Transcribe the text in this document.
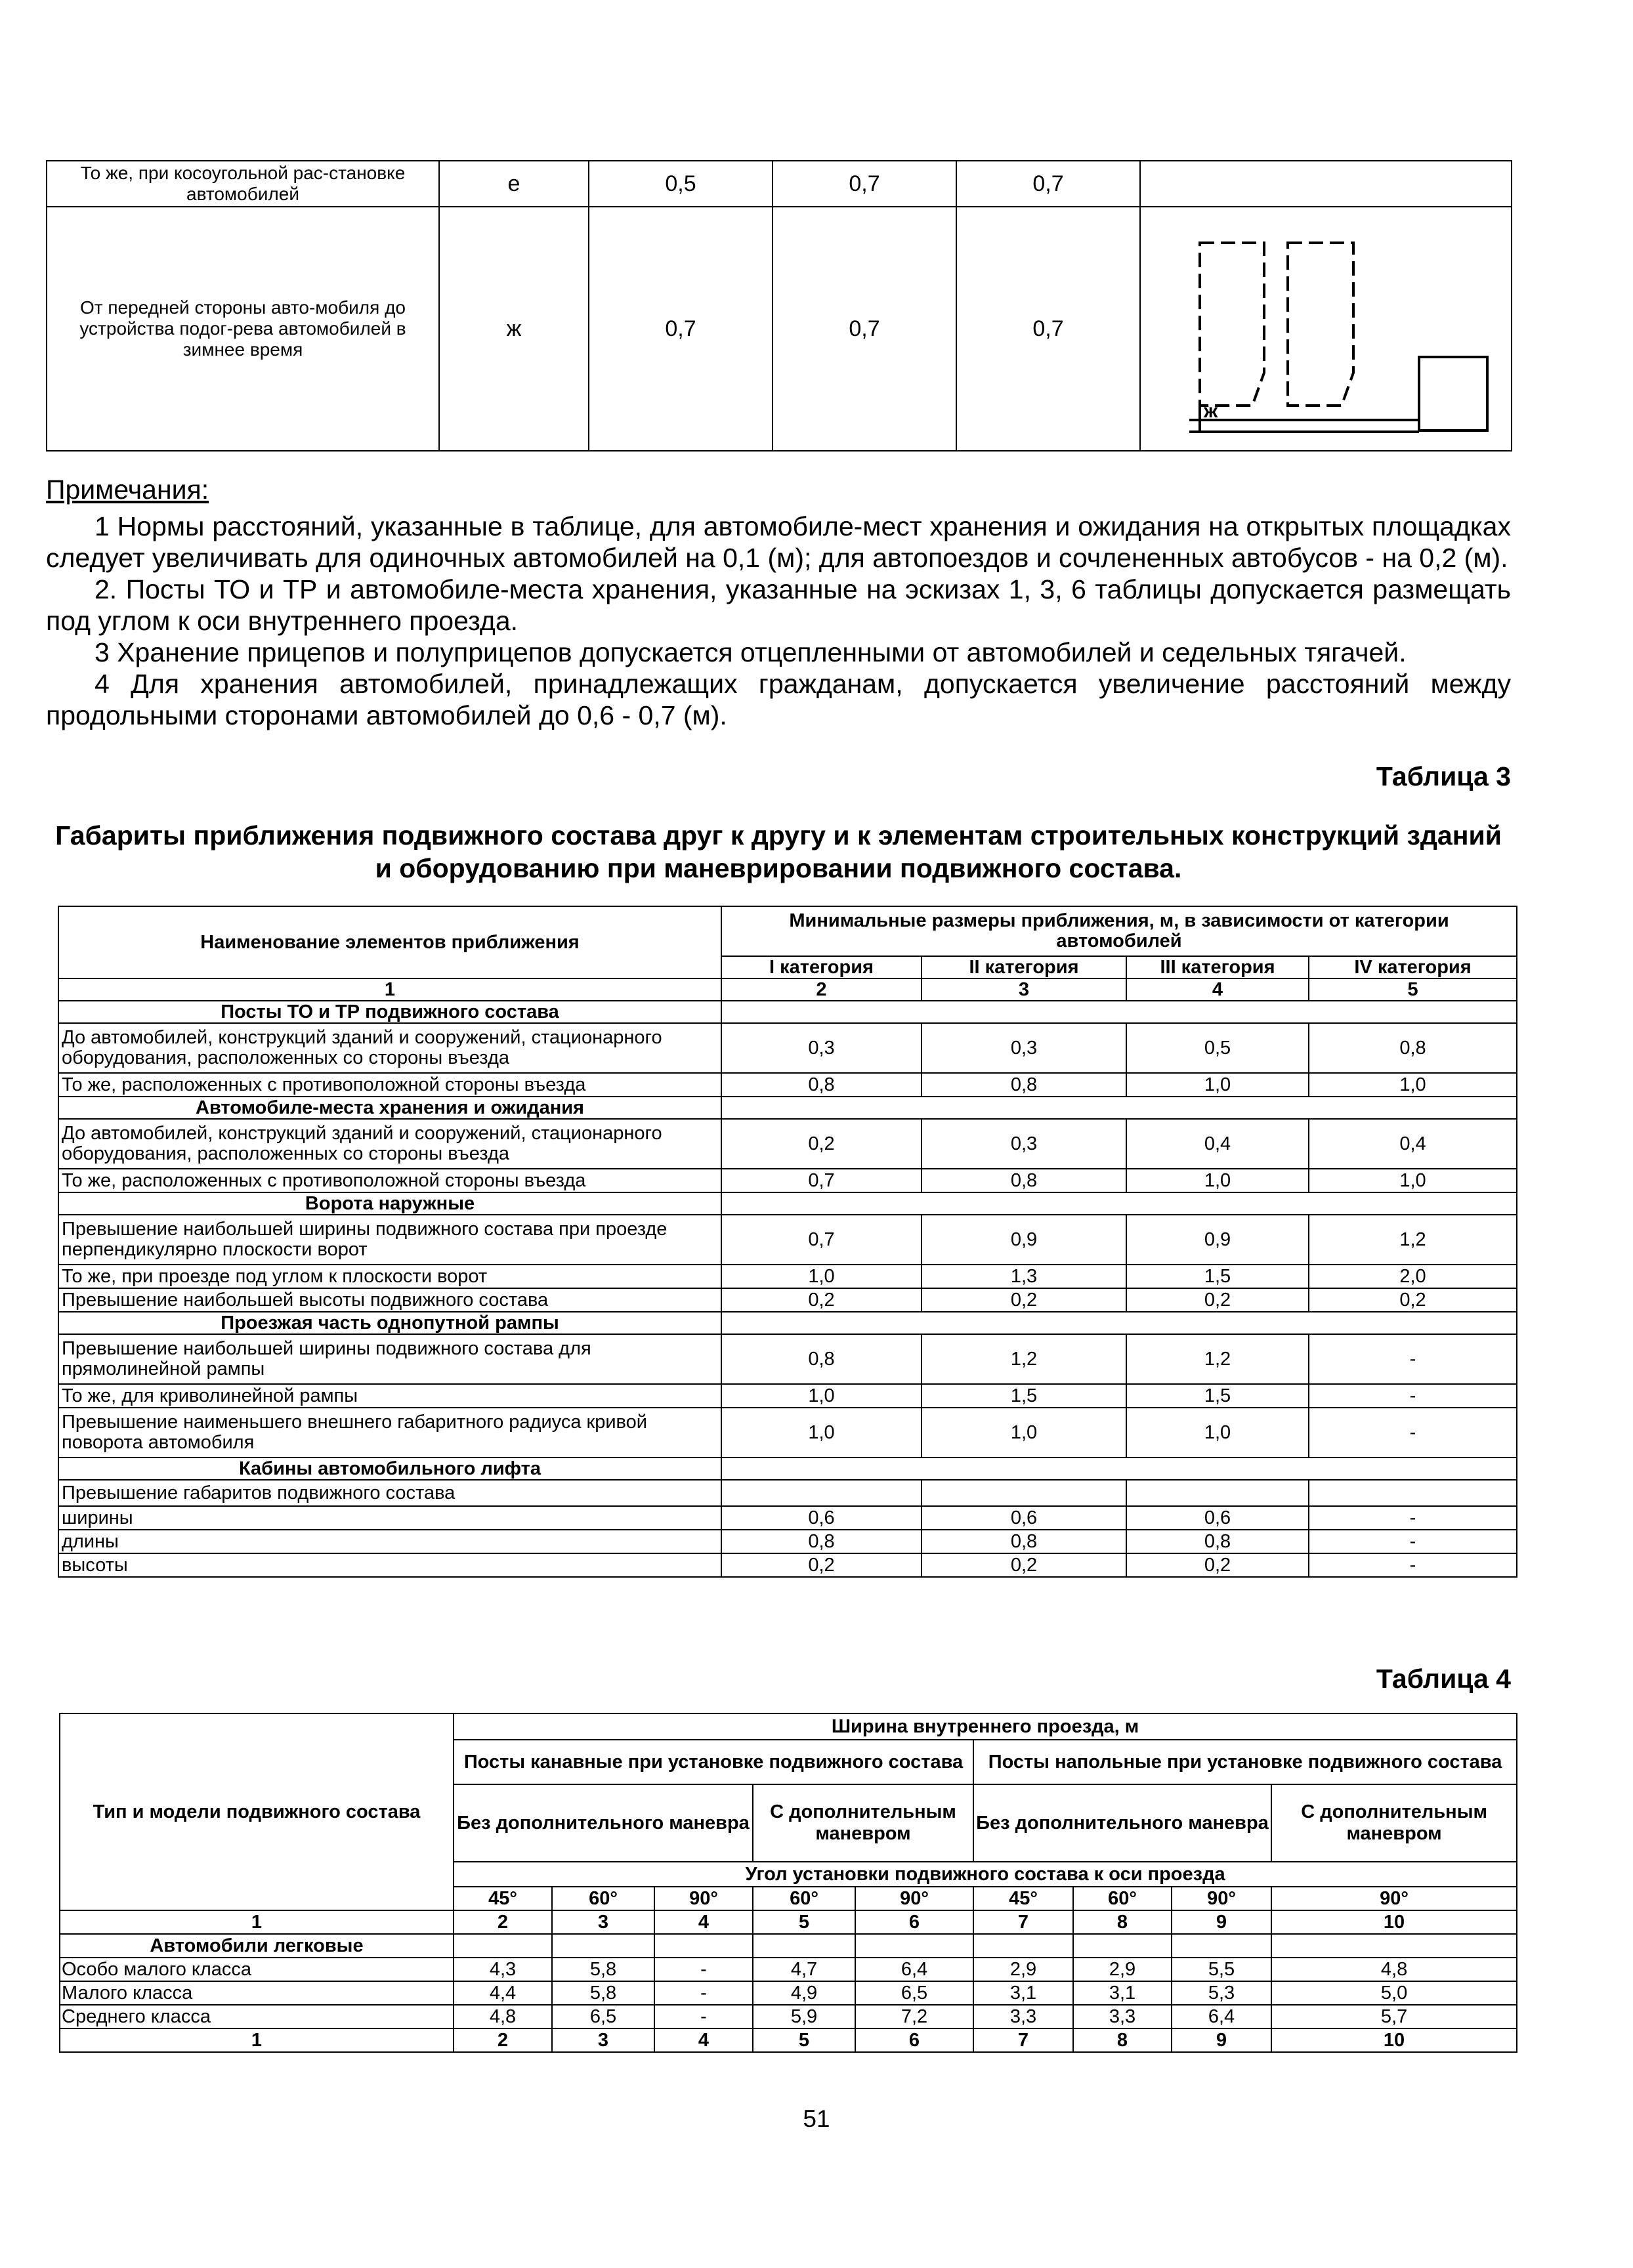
То же, при косоугольной рас-становке автомобилей	е	0,5	0,7	0,7	
От передней стороны авто-мобиля до устройства подог-рева автомобилей в зимнее время	ж	0,7	0,7	0,7	ж

Примечания:

1 Нормы расстояний, указанные в таблице, для автомобиле-мест хранения и ожидания на открытых площадках следует увеличивать для одиночных автомобилей на 0,1 (м); для автопоездов и сочлененных автобусов - на 0,2 (м).

2. Посты ТО и ТР и автомобиле-места хранения, указанные на эскизах 1, 3, 6 таблицы допускается размещать под углом к оси внутреннего проезда.

3 Хранение прицепов и полуприцепов допускается отцепленными от автомобилей и седельных тягачей.

4 Для хранения автомобилей, принадлежащих гражданам, допускается увеличение расстояний между продольными сторонами автомобилей до 0,6 - 0,7 (м).

Таблица 3
Габариты приближения подвижного состава друг к другу и к элементам строительных конструкций зданий и оборудованию при маневрировании подвижного состава.
Наименование элементов приближения	Минимальные размеры приближения, м, в зависимости от категории автомобилей			
	I категория	II категория	III категория	IV категория
1	2	3	4	5
Посты ТО и ТР подвижного состава				
До автомобилей, конструкций зданий и сооружений, стационарного оборудования, расположенных со стороны въезда	0,3	0,3	0,5	0,8
То же, расположенных с противоположной стороны въезда	0,8	0,8	1,0	1,0
Автомобиле-места хранения и ожидания				
До автомобилей, конструкций зданий и сооружений, стационарного оборудования, расположенных со стороны въезда	0,2	0,3	0,4	0,4
То же, расположенных с противоположной стороны въезда	0,7	0,8	1,0	1,0
Ворота наружные				
Превышение наибольшей ширины подвижного состава при проезде перпендикулярно плоскости ворот	0,7	0,9	0,9	1,2
То же, при проезде под углом к плоскости ворот	1,0	1,3	1,5	2,0
Превышение наибольшей высоты подвижного состава	0,2	0,2	0,2	0,2
Проезжая часть однопутной рампы				
Превышение наибольшей ширины подвижного состава для прямолинейной рампы	0,8	1,2	1,2	-
То же, для криволинейной рампы	1,0	1,5	1,5	-
Превышение наименьшего внешнего габаритного радиуса кривой поворота автомобиля	1,0	1,0	1,0	-
Кабины автомобильного лифта				
Превышение габаритов подвижного состава				
ширины	0,6	0,6	0,6	-
длины	0,8	0,8	0,8	-
высоты	0,2	0,2	0,2	-
Таблица 4
Тип и модели подвижного состава	Ширина внутреннего проезда, м								
	Посты канавные при установке подвижного состава					Посты напольные при установке подвижного состава			
	Без дополнительного маневра			С дополнительным маневром		Без дополнительного маневра			С дополнительным маневром
	Угол установки подвижного состава к оси проезда								
	45°	60°	90°	60°	90°	45°	60°	90°	90°
1	2	3	4	5	6	7	8	9	10
Автомобили легковые									
Особо малого класса	4,3	5,8	-	4,7	6,4	2,9	2,9	5,5	4,8
Малого класса	4,4	5,8	-	4,9	6,5	3,1	3,1	5,3	5,0
Среднего класса	4,8	6,5	-	5,9	7,2	3,3	3,3	6,4	5,7
1	2	3	4	5	6	7	8	9	10
51
